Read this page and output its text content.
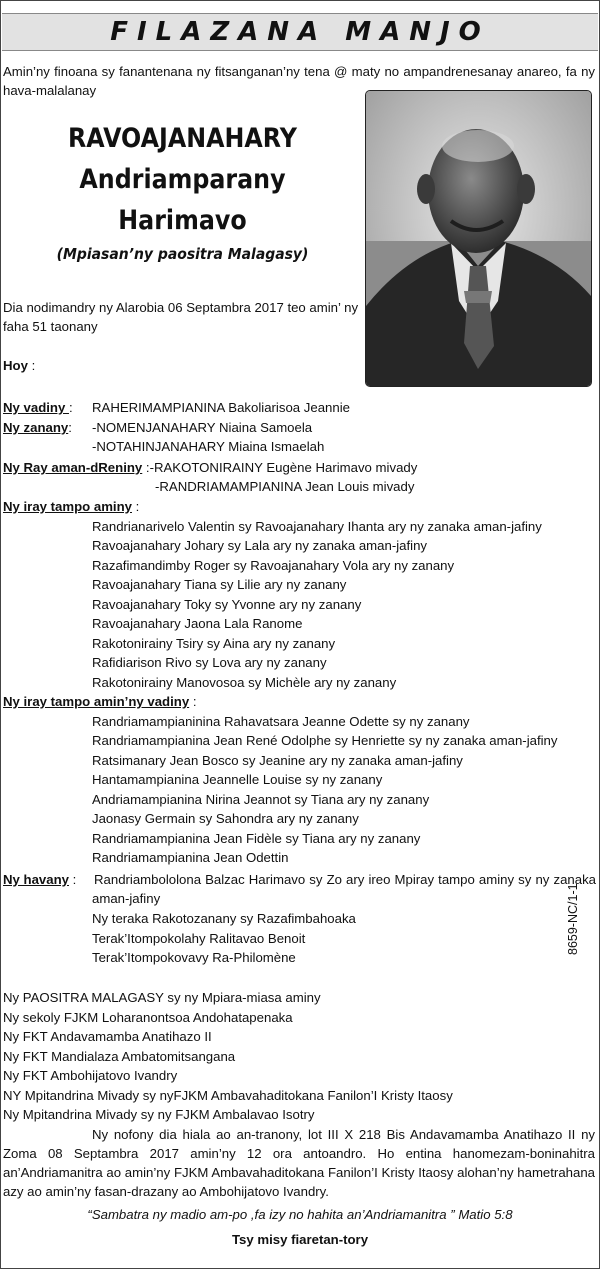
FILAZANA MANJO
Amin’ny finoana sy fanantenana ny fitsanganan’ny tena @ maty no ampandrenesanay anareo, fa ny hava-malalanay
RAVOAJANAHARY
Andriamparany
Harimavo
(Mpiasan’ny paositra Malagasy)
Dia nodimandry ny Alarobia 06 Septambra 2017 teo amin’ ny faha 51 taonany
Hoy :
Ny vadiny : RAHERIMAMPIANINA Bakoliarisoa Jeannie
Ny zanany: -NOMENJANAHARY Niaina Samoela
-NOTAHINJANAHARY Miaina Ismaelah
Ny Ray aman-dReniny :-RAKOTONIRAINY Eugène Harimavo mivady
-RANDRIAMAMPIANINA Jean Louis mivady
Ny iray tampo aminy :
Randrianarivelo Valentin sy Ravoajanahary Ihanta ary ny zanaka aman-jafiny
Ravoajanahary Johary sy Lala ary ny zanaka aman-jafiny
Razafimandimby Roger sy Ravoajanahary Vola ary ny zanany
Ravoajanahary Tiana sy Lilie ary ny zanany
Ravoajanahary Toky sy Yvonne ary ny zanany
Ravoajanahary Jaona Lala Ranome
Rakotonirainy Tsiry sy Aina ary ny zanany
Rafidiarison Rivo sy Lova ary ny zanany
Rakotonirainy Manovosoa sy Michèle ary ny zanany
Ny iray tampo amin’ny vadiny :
Randriamampianinina Rahavatsara Jeanne Odette sy ny zanany
Randriamampianina Jean René Odolphe sy Henriette sy ny zanaka aman-jafiny
Ratsimanary Jean Bosco sy Jeanine ary ny zanaka aman-jafiny
Hantamampianina Jeannelle Louise sy ny zanany
Andriamampianina Nirina Jeannot sy Tiana ary ny zanany
Jaonasy Germain sy Sahondra ary ny zanany
Randriamampianina Jean Fidèle sy Tiana ary ny zanany
Randriamampianina Jean Odettin
Ny havany : Randriambololona Balzac Harimavo sy Zo ary ireo Mpiray tampo aminy sy ny zanaka aman-jafiny
Ny teraka Rakotozanany sy Razafimbahoaka
Terak’Itompokolahy Ralitavao Benoit
Terak’Itompokovavy Ra-Philomène
8659-NC/1-1
Ny PAOSITRA MALAGASY sy ny Mpiara-miasa aminy
Ny sekoly FJKM Loharanontsoa Andohatapenaka
Ny FKT Andavamamba Anatihazo II
Ny FKT Mandialaza Ambatomitsangana
Ny FKT Ambohijatovo Ivandry
NY Mpitandrina Mivady sy nyFJKM Ambavahaditokana Fanilon’I Kristy Itaosy
Ny Mpitandrina Mivady sy ny FJKM Ambalavao Isotry
Ny nofony dia hiala ao an-tranony, lot III X 218 Bis Andavamamba Anatihazo II ny Zoma 08 Septambra 2017 amin’ny 12 ora antoandro. Ho entina hanomezam-boninahitra an’Andriamanitra ao amin’ny FJKM Ambavahaditokana Fanilon’I Kristy Itaosy alohan’ny hametrahana azy ao amin’ny fasan-drazany ao Ambohijatovo Ivandry.
“Sambatra ny madio am-po ,fa izy no hahita an’Andriamanitra ” Matio 5:8
Tsy misy fiaretan-tory
